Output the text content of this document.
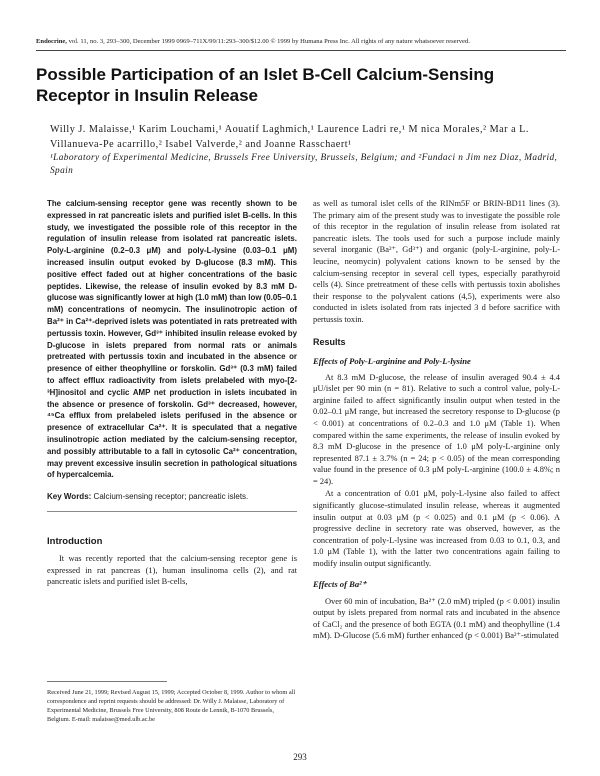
Endocrine, vol. 11, no. 3, 293–300, December 1999 0969–711X/99/11:293–300/$12.00 © 1999 by Humana Press Inc. All rights of any nature whatsoever reserved.
Possible Participation of an Islet B-Cell Calcium-Sensing Receptor in Insulin Release
Willy J. Malaisse,¹ Karim Louchami,¹ Aouatif Laghmich,¹ Laurence Ladri re,¹ M nica Morales,² Mar a L. Villanueva-Pe acarrillo,² Isabel Valverde,² and Joanne Rasschaert¹
¹Laboratory of Experimental Medicine, Brussels Free University, Brussels, Belgium; and ²Fundaci n Jim nez Diaz, Madrid, Spain

The calcium-sensing receptor gene was recently shown to be expressed in rat pancreatic islets and purified islet B-cells. In this study, we investigated the possible role of this receptor in the regulation of insulin release from isolated rat pancreatic islets. Poly-L-arginine (0.2–0.3 μM) and poly-L-lysine (0.03–0.1 μM) increased insulin output evoked by D-glucose (8.3 mM). This positive effect faded out at higher concentrations of the basic peptides. Likewise, the release of insulin evoked by 8.3 mM D-glucose was significantly lower at high (1.0 mM) than low (0.05–0.1 mM) concentrations of neomycin. The insulinotropic action of Ba²⁺ in Ca²⁺-deprived islets was potentiated in rats pretreated with pertussis toxin. However, Gd³⁺ inhibited insulin release evoked by D-glucose in islets prepared from normal rats or animals pretreated with pertussis toxin and incubated in the absence or presence of either theophylline or forskolin. Gd³⁺ (0.3 mM) failed to affect efflux radioactivity from islets prelabeled with myo-[2-³H]inositol and cyclic AMP net production in islets incubated in the absence or presence of forskolin. Gd³⁺ decreased, however, ⁴⁵Ca efflux from prelabeled islets perifused in the absence or presence of extracellular Ca²⁺. It is speculated that a negative insulinotropic action mediated by the calcium-sensing receptor, and possibly attributable to a fall in cytosolic Ca²⁺ concentration, may prevent excessive insulin secretion in pathological situations of hypercalcemia.

Key Words: Calcium-sensing receptor; pancreatic islets.
Introduction

It was recently reported that the calcium-sensing receptor gene is expressed in rat pancreas (1), human insulinoma cells (2), and rat pancreatic islets and purified islet B-cells,

Received June 21, 1999; Revised August 15, 1999; Accepted October 8, 1999. Author to whom all correspondence and reprint requests should be addressed: Dr. Willy J. Malaisse, Laboratory of Experimental Medicine, Brussels Free University, 808 Route de Lennik, B-1070 Brussels, Belgium. E-mail: malaisse@med.ulb.ac.be

as well as tumoral islet cells of the RINm5F or BRIN-BD11 lines (3). The primary aim of the present study was to investigate the possible role of this receptor in the regulation of insulin release from isolated rat pancreatic islets. The tools used for such a purpose include mainly several inorganic (Ba²⁺, Gd³⁺) and organic (poly-L-arginine, poly-L-leucine, neomycin) polyvalent cations known to be sensed by the calcium-sensing receptor in several cell types, especially parathyroid cells (4). Since pretreatment of these cells with pertussis toxin abolishes their response to the polyvalent cations (4,5), experiments were also conducted in islets isolated from rats injected 3 d before sacrifice with pertussis toxin.

Results
Effects of Poly-L-arginine and Poly-L-lysine

At 8.3 mM D-glucose, the release of insulin averaged 90.4 ± 4.4 μU/islet per 90 min (n = 81). Relative to such a control value, poly-L-arginine failed to affect significantly insulin output when tested in the 0.02–0.1 μM range, but increased the secretory response to D-glucose (p < 0.001) at concentrations of 0.2–0.3 and 1.0 μM (Table 1). When compared within the same experiments, the release of insulin evoked by 8.3 mM D-glucose in the presence of 1.0 μM poly-L-arginine only represented 87.1 ± 3.7% (n = 24; p < 0.05) of the mean corresponding value found in the presence of 0.3 μM poly-L-arginine (100.0 ± 4.8%; n = 24).

At a concentration of 0.01 μM, poly-L-lysine also failed to affect significantly glucose-stimulated insulin release, whereas it augmented insulin output at 0.03 μM (p < 0.025) and 0.1 μM (p < 0.06). A progressive decline in secretory rate was observed, however, as the concentration of poly-L-lysine was increased from 0.03 to 0.1, 0.3, and 1.0 μM (Table 1), with the latter two concentrations again failing to modify insulin output significantly.

Effects of Ba²⁺

Over 60 min of incubation, Ba²⁺ (2.0 mM) tripled (p < 0.001) insulin output by islets prepared from normal rats and incubated in the absence of CaCl₂ and the presence of both EGTA (0.1 mM) and theophylline (1.4 mM). D-Glucose (5.6 mM) further enhanced (p < 0.001) Ba²⁺-stimulated

293
